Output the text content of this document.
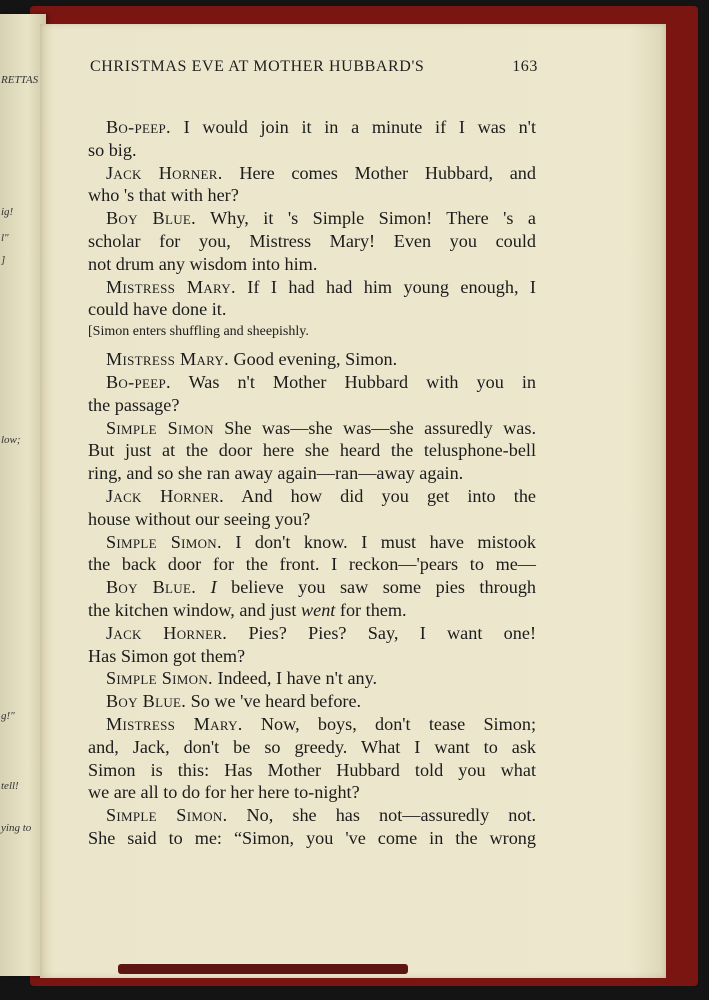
RETTAS
ig!
l"
]
low;
g!"
tell!
ying to
CHRISTMAS EVE AT MOTHER HUBBARD'S	163

Bo-peep. I would join it in a minute if I was n't

so big.

Jack Horner. Here comes Mother Hubbard, and

who 's that with her?

Boy Blue. Why, it 's Simple Simon! There 's a

scholar for you, Mistress Mary! Even you could

not drum any wisdom into him.

Mistress Mary. If I had had him young enough, I

could have done it.

[Simon enters shuffling and sheepishly.

Mistress Mary. Good evening, Simon.

Bo-peep. Was n't Mother Hubbard with you in

the passage?

Simple Simon She was—she was—she assuredly was.

But just at the door here she heard the telusphone-bell

ring, and so she ran away again—ran—away again.

Jack Horner. And how did you get into the

house without our seeing you?

Simple Simon. I don't know. I must have mistook

the back door for the front. I reckon—'pears to me—

Boy Blue. I believe you saw some pies through

the kitchen window, and just went for them.

Jack Horner. Pies? Pies? Say, I want one!

Has Simon got them?

Simple Simon. Indeed, I have n't any.

Boy Blue. So we 've heard before.

Mistress Mary. Now, boys, don't tease Simon;

and, Jack, don't be so greedy. What I want to ask

Simon is this: Has Mother Hubbard told you what

we are all to do for her here to-night?

Simple Simon. No, she has not—assuredly not.

She said to me: “Simon, you 've come in the wrong
